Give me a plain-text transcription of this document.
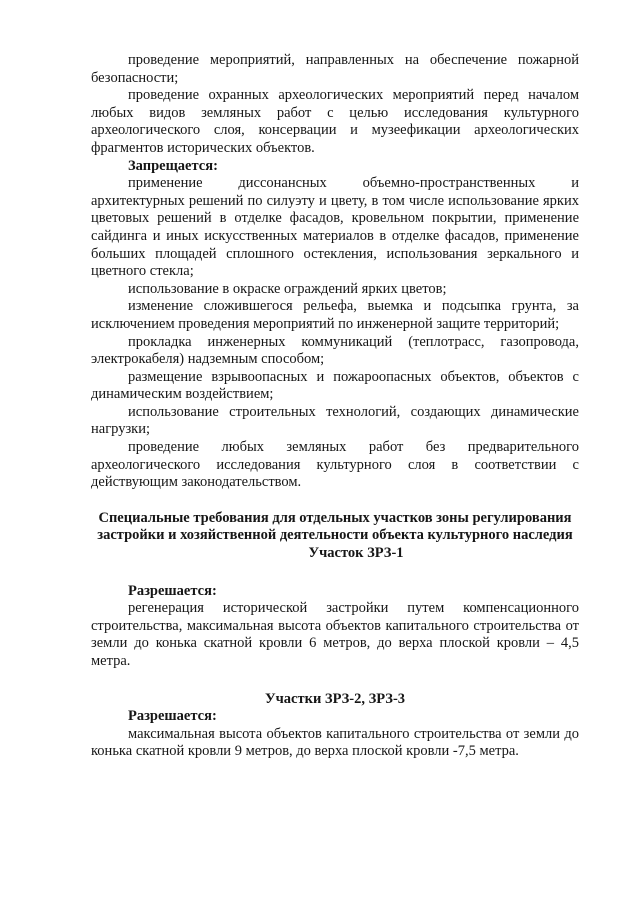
проведение мероприятий, направленных на обеспечение пожарной безопасности;

проведение охранных археологических мероприятий перед началом любых видов земляных работ с целью исследования культурного археологического слоя, консервации и музеефикации археологических фрагментов исторических объектов.

Запрещается:

применение диссонансных объемно-пространственных и архитектурных решений по силуэту и цвету, в том числе использование ярких цветовых решений в отделке фасадов, кровельном покрытии, применение сайдинга и иных искусственных материалов в отделке фасадов, применение больших площадей сплошного остекления, использования зеркального и цветного стекла;

использование в окраске ограждений ярких цветов;

изменение сложившегося рельефа, выемка и подсыпка грунта, за исключением проведения мероприятий по инженерной защите территорий;

прокладка инженерных коммуникаций (теплотрасс, газопровода, электрокабеля) надземным способом;

размещение взрывоопасных и пожароопасных объектов, объектов с динамическим воздействием;

использование строительных технологий, создающих динамические нагрузки;

проведение любых земляных работ без предварительного археологического исследования культурного слоя в соответствии с действующим законодательством.

Специальные требования для отдельных участков зоны регулирования застройки и хозяйственной деятельности объекта культурного наследия

Участок ЗРЗ-1

Разрешается:

регенерация исторической застройки путем компенсационного строительства, максимальная высота объектов капитального строительства от земли до конька скатной кровли 6 метров, до верха плоской кровли – 4,5 метра.

Участки ЗРЗ-2, ЗРЗ-3

Разрешается:

максимальная высота объектов капитального строительства от земли до конька скатной кровли 9 метров, до верха плоской кровли -7,5 метра.
